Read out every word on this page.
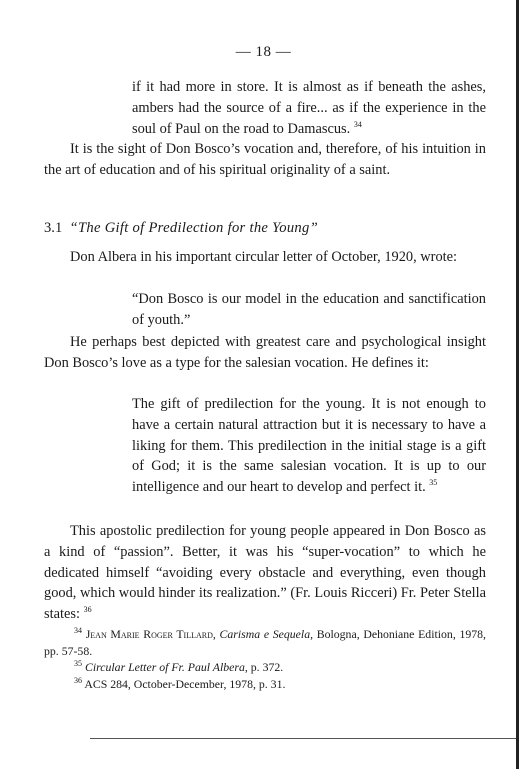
— 18 —

if it had more in store. It is almost as if beneath the ashes, ambers had the source of a fire... as if the experience in the soul of Paul on the road to Damascus. $^{34}$

It is the sight of Don Bosco’s vocation and, therefore, of his intuition in the art of education and of his spiritual originality of a saint.

3.1 “The Gift of Predilection for the Young”

Don Albera in his important circular letter of October, 1920, wrote:

“Don Bosco is our model in the education and sanctification of youth.”

He perhaps best depicted with greatest care and psychological insight Don Bosco’s love as a type for the salesian vocation. He defines it:

The gift of predilection for the young. It is not enough to have a certain natural attraction but it is necessary to have a liking for them. This predilection in the initial stage is a gift of God; it is the same salesian vocation. It is up to our intelligence and our heart to develop and perfect it. $^{35}$

This apostolic predilection for young people appeared in Don Bosco as a kind of “passion”. Better, it was his “super-vocation” to which he dedicated himself “avoiding every obstacle and everything, even though good, which would hinder its realization.” (Fr. Louis Ricceri) Fr. Peter Stella states: $^{36}$

$^{34}$ Jean Marie Roger Tillard, Carisma e Sequela, Bologna, Dehoniane Edition, 1978, pp. 57-58.

$^{35}$ Circular Letter of Fr. Paul Albera, p. 372.

$^{36}$ ACS 284, October-December, 1978, p. 31.
